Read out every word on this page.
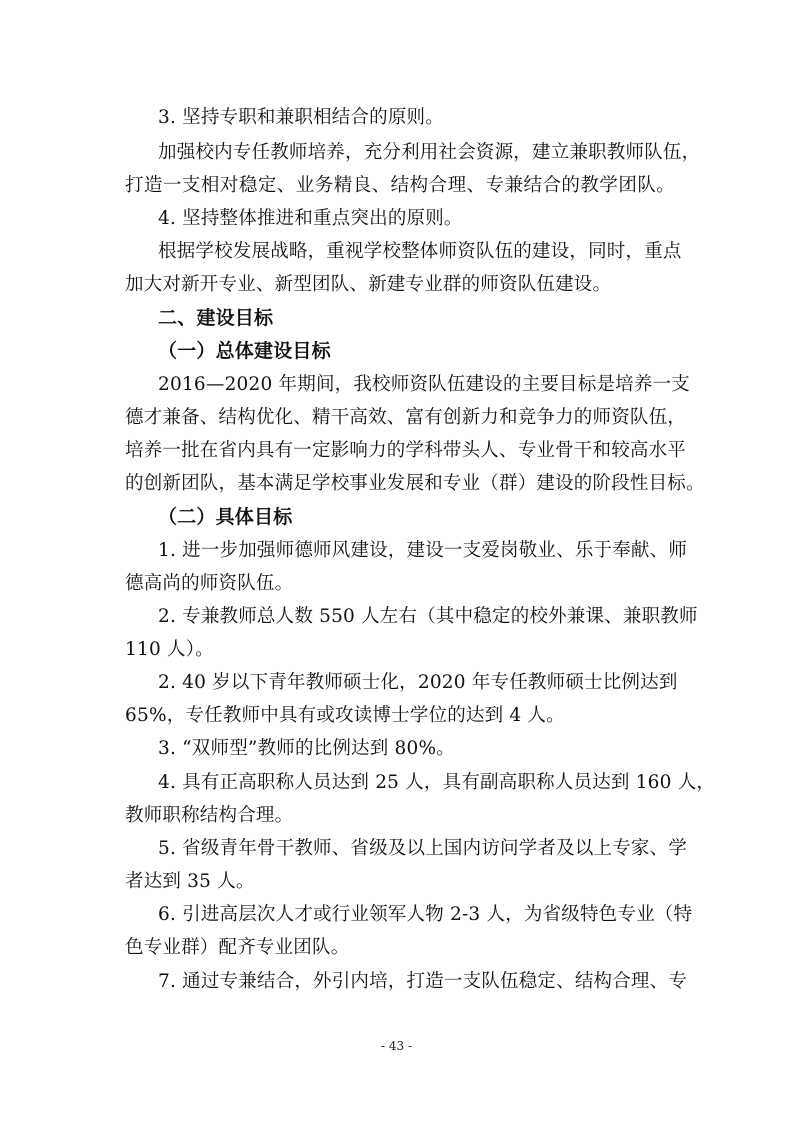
3. 坚持专职和兼职相结合的原则。
加强校内专任教师培养，充分利用社会资源，建立兼职教师队伍，
打造一支相对稳定、业务精良、结构合理、专兼结合的教学团队。
4. 坚持整体推进和重点突出的原则。
根据学校发展战略，重视学校整体师资队伍的建设，同时，重点
加大对新开专业、新型团队、新建专业群的师资队伍建设。
二、建设目标
（一）总体建设目标
2016—2020 年期间，我校师资队伍建设的主要目标是培养一支
德才兼备、结构优化、精干高效、富有创新力和竞争力的师资队伍，
培养一批在省内具有一定影响力的学科带头人、专业骨干和较高水平
的创新团队，基本满足学校事业发展和专业（群）建设的阶段性目标。
（二）具体目标
1. 进一步加强师德师风建设，建设一支爱岗敬业、乐于奉献、师
德高尚的师资队伍。
2. 专兼教师总人数 550 人左右（其中稳定的校外兼课、兼职教师
110 人）。
2. 40 岁以下青年教师硕士化，2020 年专任教师硕士比例达到
65%，专任教师中具有或攻读博士学位的达到 4 人。
3. “双师型”教师的比例达到 80%。
4. 具有正高职称人员达到 25 人，具有副高职称人员达到 160 人，
教师职称结构合理。
5. 省级青年骨干教师、省级及以上国内访问学者及以上专家、学
者达到 35 人。
6. 引进高层次人才或行业领军人物 2-3 人，为省级特色专业（特
色专业群）配齐专业团队。
7. 通过专兼结合，外引内培，打造一支队伍稳定、结构合理、专
- 43 -
